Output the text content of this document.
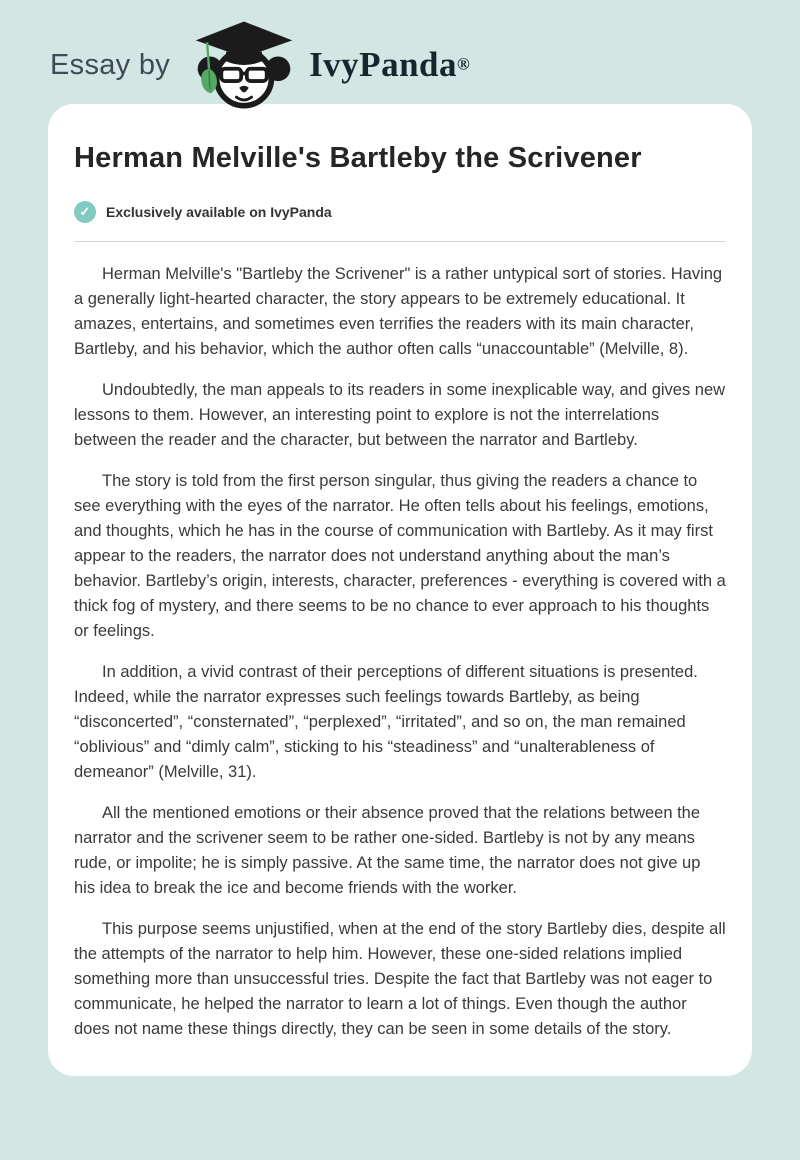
Essay by	IvyPanda®
Herman Melville's Bartleby the Scrivener
✓	Exclusively available on IvyPanda

Herman Melville's "Bartleby the Scrivener" is a rather untypical sort of stories. Having a generally light-hearted character, the story appears to be extremely educational. It amazes, entertains, and sometimes even terrifies the readers with its main character, Bartleby, and his behavior, which the author often calls “unaccountable” (Melville, 8).

Undoubtedly, the man appeals to its readers in some inexplicable way, and gives new lessons to them. However, an interesting point to explore is not the interrelations between the reader and the character, but between the narrator and Bartleby.

The story is told from the first person singular, thus giving the readers a chance to see everything with the eyes of the narrator. He often tells about his feelings, emotions, and thoughts, which he has in the course of communication with Bartleby. As it may first appear to the readers, the narrator does not understand anything about the man’s behavior. Bartleby’s origin, interests, character, preferences - everything is covered with a thick fog of mystery, and there seems to be no chance to ever approach to his thoughts or feelings.

In addition, a vivid contrast of their perceptions of different situations is presented. Indeed, while the narrator expresses such feelings towards Bartleby, as being “disconcerted”, “consternated”, “perplexed”, “irritated”, and so on, the man remained “oblivious” and “dimly calm”, sticking to his “steadiness” and “unalterableness of demeanor” (Melville, 31).

All the mentioned emotions or their absence proved that the relations between the narrator and the scrivener seem to be rather one-sided. Bartleby is not by any means rude, or impolite; he is simply passive. At the same time, the narrator does not give up his idea to break the ice and become friends with the worker.

This purpose seems unjustified, when at the end of the story Bartleby dies, despite all the attempts of the narrator to help him. However, these one-sided relations implied something more than unsuccessful tries. Despite the fact that Bartleby was not eager to communicate, he helped the narrator to learn a lot of things. Even though the author does not name these things directly, they can be seen in some details of the story.
